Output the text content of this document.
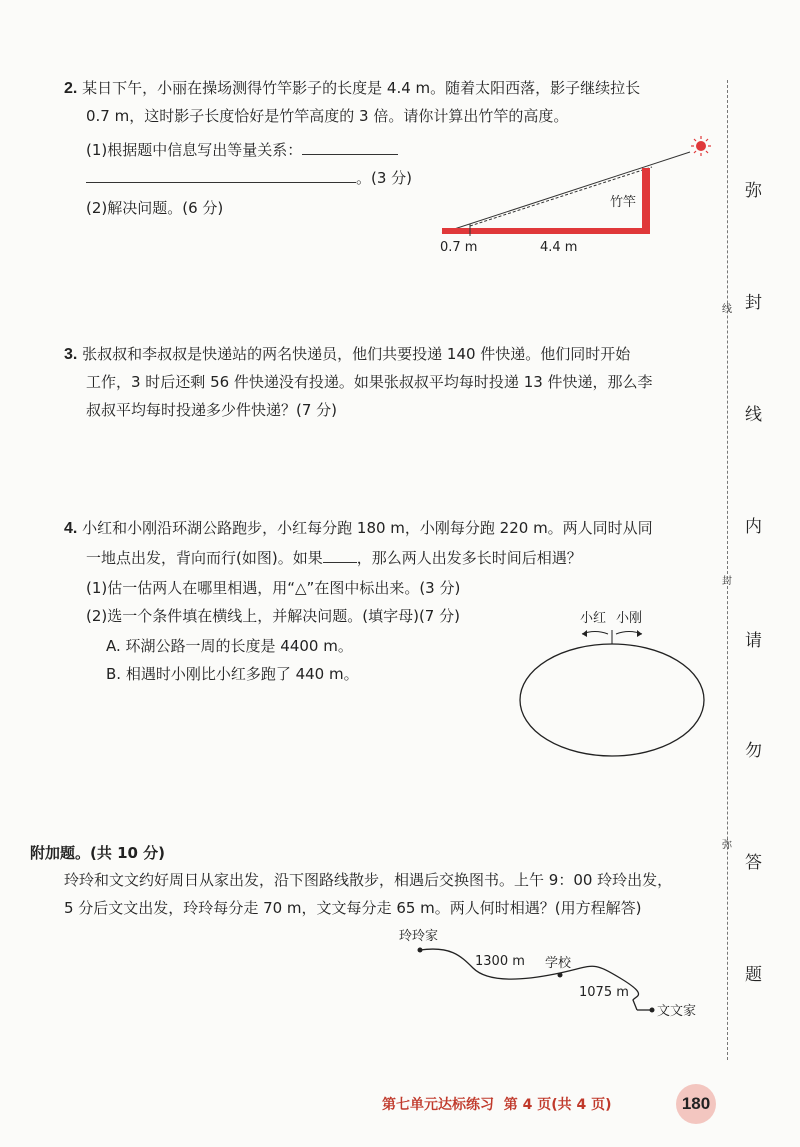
2. 某日下午，小丽在操场测得竹竿影子的长度是 4.4 m。随着太阳西落，影子继续拉长
0.7 m，这时影子长度恰好是竹竿高度的 3 倍。请你计算出竹竿的高度。
(1)根据题中信息写出等量关系：
。(3 分)
(2)解决问题。(6 分)	竹竿
0.7 m	4.4 m
3. 张叔叔和李叔叔是快递站的两名快递员，他们共要投递 140 件快递。他们同时开始
工作，3 时后还剩 56 件快递没有投递。如果张叔叔平均每时投递 13 件快递，那么李
叔叔平均每时投递多少件快递？(7 分)
4. 小红和小刚沿环湖公路跑步，小红每分跑 180 m，小刚每分跑 220 m。两人同时从同
一地点出发，背向而行(如图)。如果 ，那么两人出发多长时间后相遇？
(1)估一估两人在哪里相遇，用“△”在图中标出来。(3 分)
(2)选一个条件填在横线上，并解决问题。(填字母)(7 分)
A. 环湖公路一周的长度是 4400 m。
B. 相遇时小刚比小红多跑了 440 m。
小红 小刚
附加题。(共 10 分)
玲玲和文文约好周日从家出发，沿下图路线散步，相遇后交换图书。上午 9：00 玲玲出发，
5 分后文文出发，玲玲每分走 70 m，文文每分走 65 m。两人何时相遇？(用方程解答)
玲玲家
1300 m 学校
1075 m
文文家
线
封
弥
弥
封
线
内
请
勿
答
题
第七单元达标练习  第 4 页(共 4 页)	180
